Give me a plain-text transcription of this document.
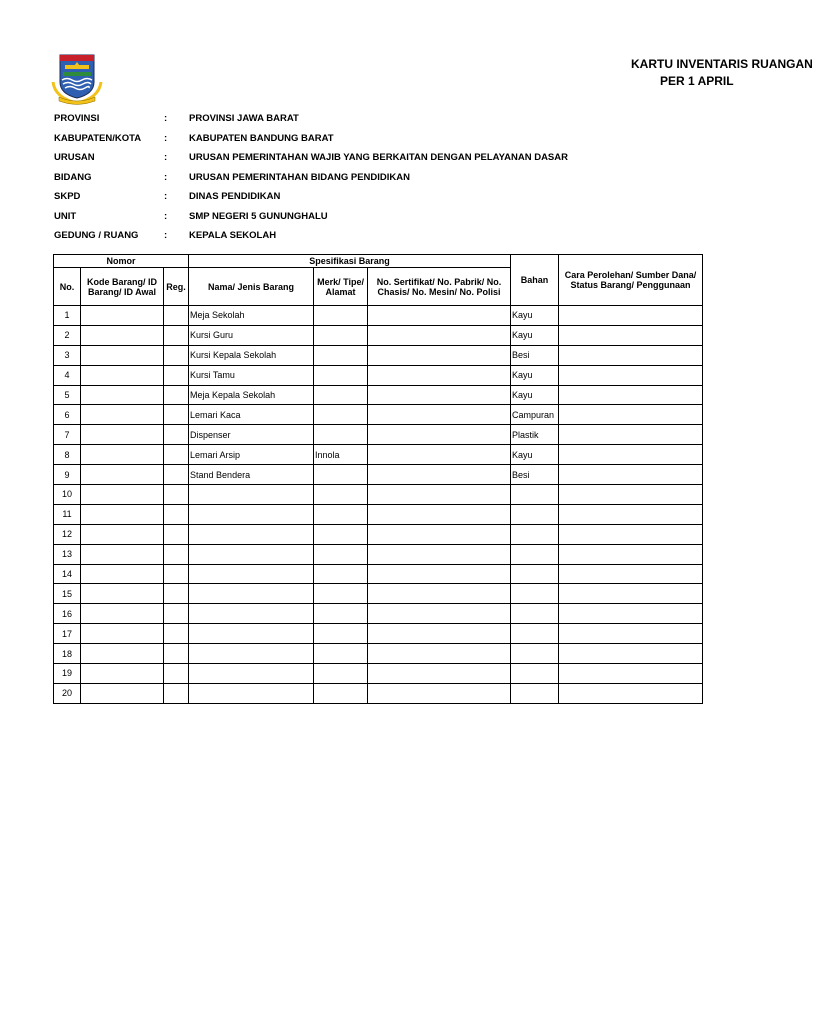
KARTU INVENTARIS RUANGAN
PER 1 APRIL
PROVINSI	: PROVINSI JAWA BARAT
KABUPATEN/KOTA : KABUPATEN BANDUNG BARAT
URUSAN	: URUSAN PEMERINTAHAN WAJIB YANG BERKAITAN DENGAN PELAYANAN DASAR
BIDANG	: URUSAN PEMERINTAHAN BIDANG PENDIDIKAN
SKPD	: DINAS PENDIDIKAN
UNIT	: SMP NEGERI 5 GUNUNGHALU
GEDUNG / RUANG	: KEPALA SEKOLAH
Nomor			Spesifikasi Barang			Bahan	Cara Perolehan/ Sumber Dana/ Status Barang/ Penggunaan
No.	Kode Barang/ ID Barang/ ID Awal	Reg.	Nama/ Jenis Barang	Merk/ Tipe/ Alamat	No. Sertifikat/ No. Pabrik/ No. Chasis/ No. Mesin/ No. Polisi		
1			Meja Sekolah			Kayu	
2			Kursi Guru			Kayu	
3			Kursi Kepala Sekolah			Besi	
4			Kursi Tamu			Kayu	
5			Meja Kepala Sekolah			Kayu	
6			Lemari Kaca			Campuran	
7			Dispenser			Plastik	
8			Lemari Arsip	Innola		Kayu	
9			Stand Bendera			Besi	
10							
11							
12							
13							
14							
15							
16							
17							
18							
19							
20							
